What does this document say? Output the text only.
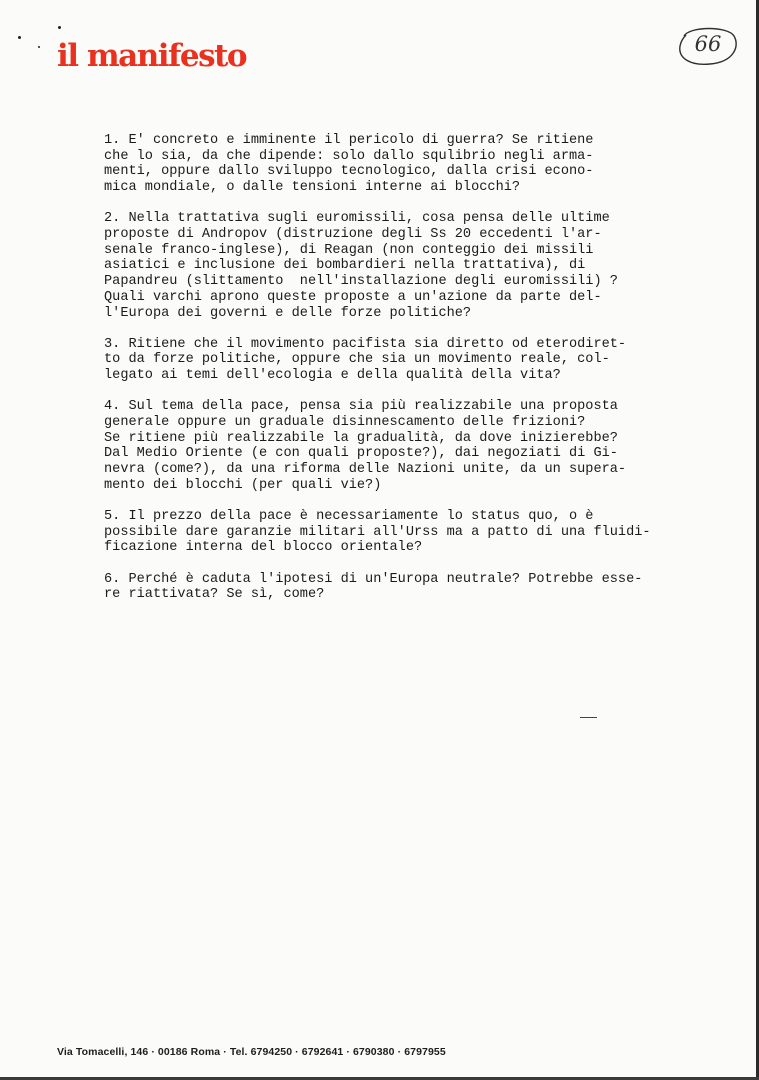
il manifesto	66
1. E' concreto e imminente il pericolo di guerra? Se ritiene
che lo sia, da che dipende: solo dallo squlibrio negli arma-
menti, oppure dallo sviluppo tecnologico, dalla crisi econo-
mica mondiale, o dalle tensioni interne ai blocchi?
2. Nella trattativa sugli euromissili, cosa pensa delle ultime
proposte di Andropov (distruzione degli Ss 20 eccedenti l'ar-
senale franco-inglese), di Reagan (non conteggio dei missili
asiatici e inclusione dei bombardieri nella trattativa), di
Papandreu (slittamento  nell'installazione degli euromissili) ?
Quali varchi aprono queste proposte a un'azione da parte del-
l'Europa dei governi e delle forze politiche?
3. Ritiene che il movimento pacifista sia diretto od eterodiret-
to da forze politiche, oppure che sia un movimento reale, col-
legato ai temi dell'ecologia e della qualità della vita?
4. Sul tema della pace, pensa sia più realizzabile una proposta
generale oppure un graduale disinnescamento delle frizioni?
Se ritiene più realizzabile la gradualità, da dove inizierebbe?
Dal Medio Oriente (e con quali proposte?), dai negoziati di Gi-
nevra (come?), da una riforma delle Nazioni unite, da un supera-
mento dei blocchi (per quali vie?)
5. Il prezzo della pace è necessariamente lo status quo, o è
possibile dare garanzie militari all'Urss ma a patto di una fluidi-
ficazione interna del blocco orientale?
6. Perché è caduta l'ipotesi di un'Europa neutrale? Potrebbe esse-
re riattivata? Se sì, come?
Via Tomacelli, 146 · 00186 Roma · Tel. 6794250 · 6792641 · 6790380 · 6797955
